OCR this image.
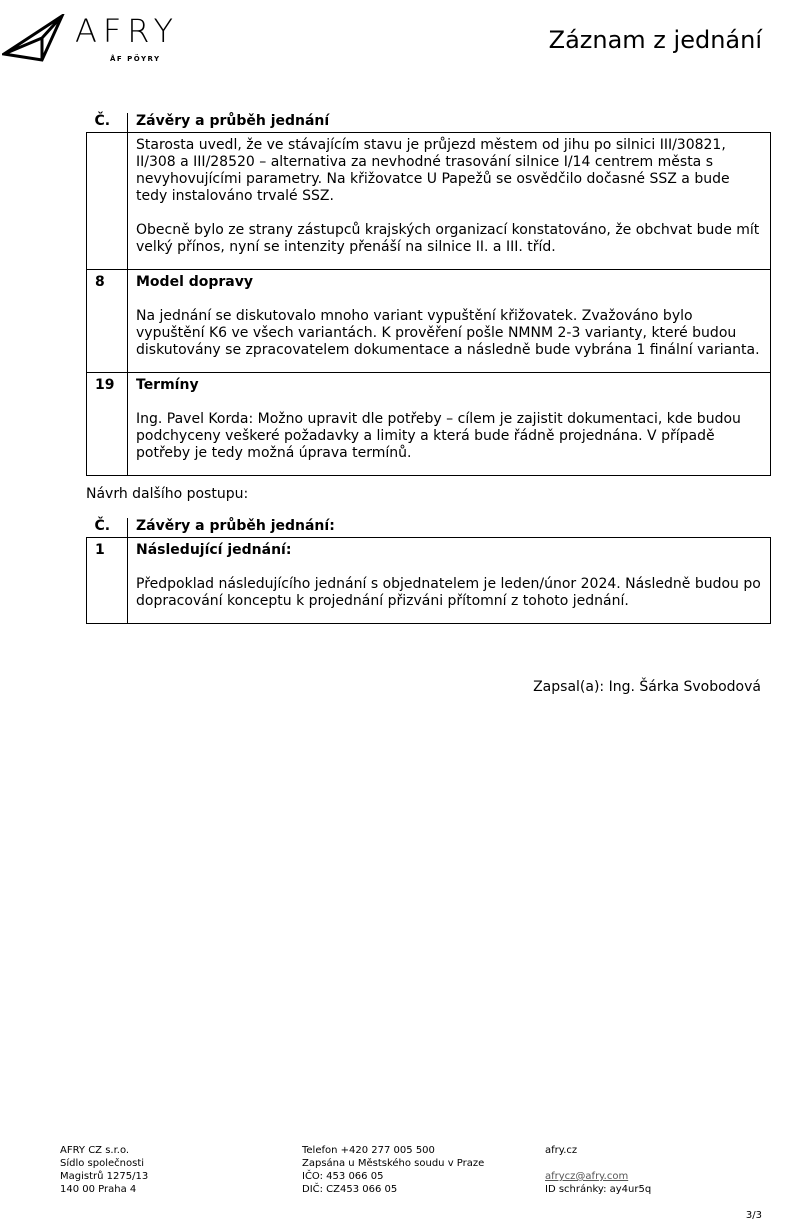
AFRY
ÅF PÖYRY
Záznam z jednání
Č.	Závěry a průběh jednání

	Starosta uvedl, že ve stávajícím stavu je průjezd městem od jihu po silnici III/30821, II/308 a III/28520 – alternativa za nevhodné trasování silnice I/14 centrem města s nevyhovujícími parametry. Na křižovatce U Papežů se osvědčilo dočasné SSZ a bude tedy instalováno trvalé SSZ.

Obecně bylo ze strany zástupců krajských organizací konstatováno, že obchvat bude mít velký přínos, nyní se intenzity přenáší na silnice II. a III. tříd.

8	Model dopravy

Na jednání se diskutovalo mnoho variant vypuštění křižovatek. Zvažováno bylo vypuštění K6 ve všech variantách. K prověření pošle NMNM 2-3 varianty, které budou diskutovány se zpracovatelem dokumentace a následně bude vybrána 1 finální varianta.

19	Termíny

Ing. Pavel Korda: Možno upravit dle potřeby – cílem je zajistit dokumentaci, kde budou podchyceny veškeré požadavky a limity a která bude řádně projednána. V případě potřeby je tedy možná úprava termínů.

Návrh dalšího postupu:
Č.	Závěry a průběh jednání:
1	Následující jednání:

Předpoklad následujícího jednání s objednatelem je leden/únor 2024. Následně budou po dopracování konceptu k projednání přizváni přítomní z tohoto jednání.

Zapsal(a): Ing. Šárka Svobodová
AFRY CZ s.r.o.
Sídlo společnosti
Magistrů 1275/13
140 00 Praha 4
Telefon +420 277 005 500
Zapsána u Městského soudu v Praze
IČO: 453 066 05
DIČ: CZ453 066 05
afry.cz
afrycz@afry.com
ID schránky: ay4ur5q
3/3
